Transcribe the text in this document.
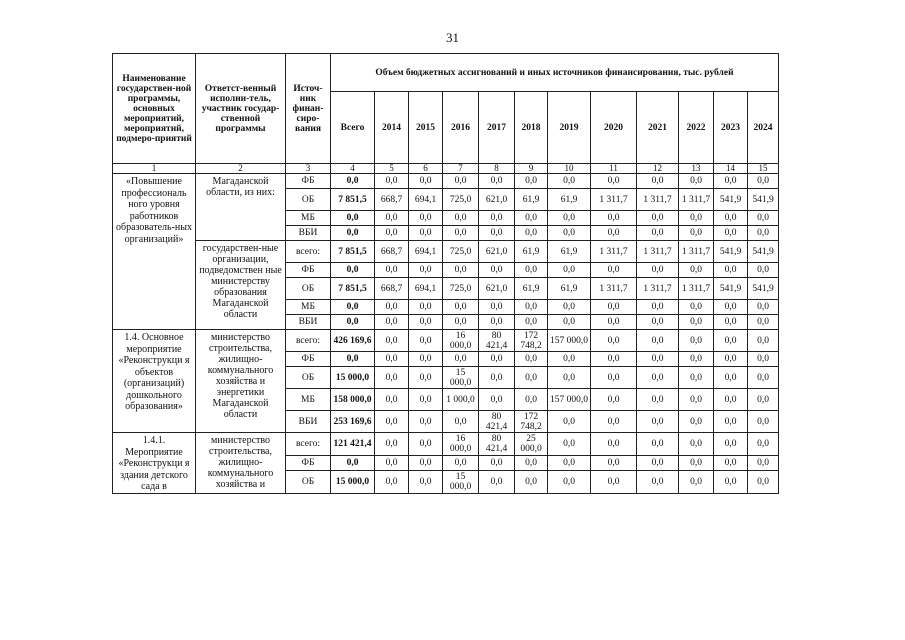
31
Наименование государствен-ной программы, основных мероприятий, мероприятий, подмеро-приятий	Ответст-венный исполни-тель, участник государ-ственной программы	Источ-ник финан-сиро-вания	Объем бюджетных ассигнований и иных источников финансирования, тыс. рублей											
			Всего	2014	2015	2016	2017	2018	2019	2020	2021	2022	2023	2024
1	2	3	4	5	6	7	8	9	10	11	12	13	14	15
«Повышение профессиональ ного уровня работников образователь-ных организаций»	Магаданской области, из них:	ФБ	0,0	0,0	0,0	0,0	0,0	0,0	0,0	0,0	0,0	0,0	0,0	0,0
		ОБ	7 851,5	668,7	694,1	725,0	621,0	61,9	61,9	1 311,7	1 311,7	1 311,7	541,9	541,9
		МБ	0,0	0,0	0,0	0,0	0,0	0,0	0,0	0,0	0,0	0,0	0,0	0,0
		ВБИ	0,0	0,0	0,0	0,0	0,0	0,0	0,0	0,0	0,0	0,0	0,0	0,0
	государствен-ные организации, подведомствен ные министерству образования Магаданской области	всего:	7 851,5	668,7	694,1	725,0	621,0	61,9	61,9	1 311,7	1 311,7	1 311,7	541,9	541,9
		ФБ	0,0	0,0	0,0	0,0	0,0	0,0	0,0	0,0	0,0	0,0	0,0	0,0
		ОБ	7 851,5	668,7	694,1	725,0	621,0	61,9	61,9	1 311,7	1 311,7	1 311,7	541,9	541,9
		МБ	0,0	0,0	0,0	0,0	0,0	0,0	0,0	0,0	0,0	0,0	0,0	0,0
		ВБИ	0,0	0,0	0,0	0,0	0,0	0,0	0,0	0,0	0,0	0,0	0,0	0,0
1.4. Основное мероприятие «Реконструкци я объектов (организаций) дошкольного образования»	министерство строительства, жилищно-коммунального хозяйства и энергетики Магаданской области	всего:	426 169,6	0,0	0,0	16 000,0	80 421,4	172 748,2	157 000,0	0,0	0,0	0,0	0,0	0,0
		ФБ	0,0	0,0	0,0	0,0	0,0	0,0	0,0	0,0	0,0	0,0	0,0	0,0
		ОБ	15 000,0	0,0	0,0	15 000,0	0,0	0,0	0,0	0,0	0,0	0,0	0,0	0,0
		МБ	158 000,0	0,0	0,0	1 000,0	0,0	0,0	157 000,0	0,0	0,0	0,0	0,0	0,0
		ВБИ	253 169,6	0,0	0,0	0,0	80 421,4	172 748,2	0,0	0,0	0,0	0,0	0,0	0,0
1.4.1. Мероприятие «Реконструкци я здания детского сада в	министерство строительства, жилищно-коммунального хозяйства и	всего:	121 421,4	0,0	0,0	16 000,0	80 421,4	25 000,0	0,0	0,0	0,0	0,0	0,0	0,0
		ФБ	0,0	0,0	0,0	0,0	0,0	0,0	0,0	0,0	0,0	0,0	0,0	0,0
		ОБ	15 000,0	0,0	0,0	15 000,0	0,0	0,0	0,0	0,0	0,0	0,0	0,0	0,0
